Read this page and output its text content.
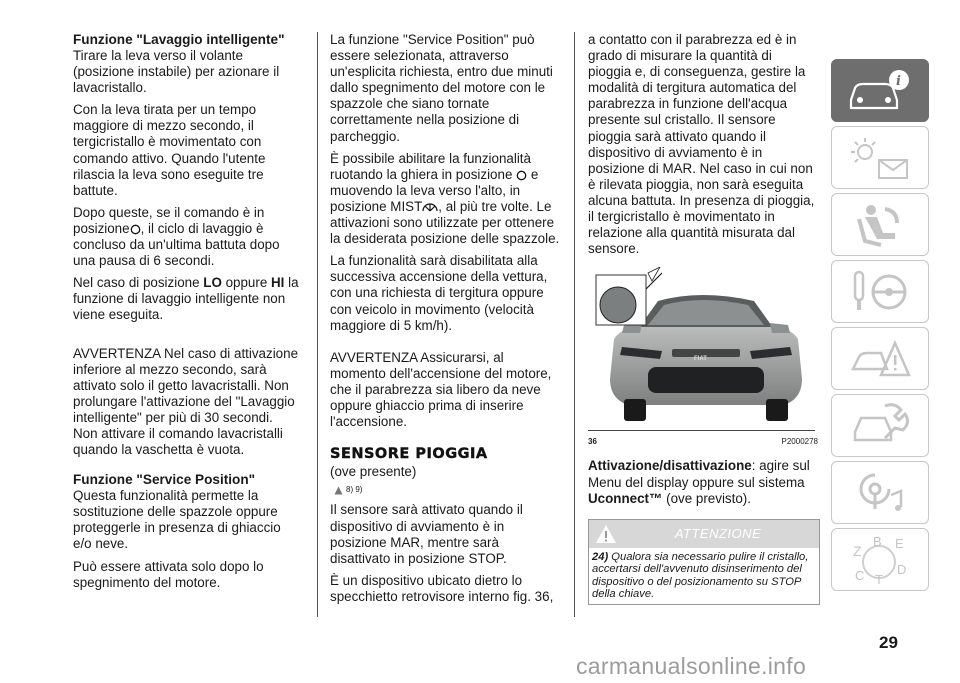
Funzione "Lavaggio intelligente"

Tirare la leva verso il volante (posizione instabile) per azionare il lavacristallo.

Con la leva tirata per un tempo maggiore di mezzo secondo, il tergicristallo è movimentato con comando attivo. Quando l'utente rilascia la leva sono eseguite tre battute.

Dopo queste, se il comando è in posizione , il ciclo di lavaggio è concluso da un'ultima battuta dopo una pausa di 6 secondi.

Nel caso di posizione LO oppure HI la funzione di lavaggio intelligente non viene eseguita.

AVVERTENZA Nel caso di attivazione inferiore al mezzo secondo, sarà attivato solo il getto lavacristalli. Non prolungare l'attivazione del "Lavaggio intelligente" per più di 30 secondi. Non attivare il comando lavacristalli quando la vaschetta è vuota.

Funzione "Service Position"

Questa funzionalità permette la sostituzione delle spazzole oppure proteggerle in presenza di ghiaccio e/o neve.

Può essere attivata solo dopo lo spegnimento del motore.

La funzione "Service Position" può essere selezionata, attraverso un'esplicita richiesta, entro due minuti dallo spegnimento del motore con le spazzole che siano tornate correttamente nella posizione di parcheggio.

È possibile abilitare la funzionalità ruotando la ghiera in posizione e muovendo la leva verso l'alto, in posizione MIST , al più tre volte. Le attivazioni sono utilizzate per ottenere la desiderata posizione delle spazzole.

La funzionalità sarà disabilitata alla successiva accensione della vettura, con una richiesta di tergitura oppure con veicolo in movimento (velocità maggiore di 5 km/h).

AVVERTENZA Assicurarsi, al momento dell'accensione del motore, che il parabrezza sia libero da neve oppure ghiaccio prima di inserire l'accensione.

SENSORE PIOGGIA

(ove presente)

8) 9)

Il sensore sarà attivato quando il dispositivo di avviamento è in posizione MAR, mentre sarà disattivato in posizione STOP.

È un dispositivo ubicato dietro lo specchietto retrovisore interno fig. 36,

a contatto con il parabrezza ed è in grado di misurare la quantità di pioggia e, di conseguenza, gestire la modalità di tergitura automatica del parabrezza in funzione dell'acqua presente sul cristallo. Il sensore pioggia sarà attivato quando il dispositivo di avviamento è in posizione di MAR. Nel caso in cui non è rilevata pioggia, non sarà eseguita alcuna battuta. In presenza di pioggia, il tergicristallo è movimentato in relazione alla quantità misurata dal sensore.

FIAT
36	P2000278

Attivazione/disattivazione: agire sul Menu del display oppure sul sistema Uconnect™ (ove previsto).

ATTENZIONE
24) Qualora sia necessario pulire il cristallo, accertarsi dell'avvenuto disinserimento del dispositivo o del posizionamento su STOP della chiave.
i
Z	E
B
C T
D
29
carmanualsonline.info
